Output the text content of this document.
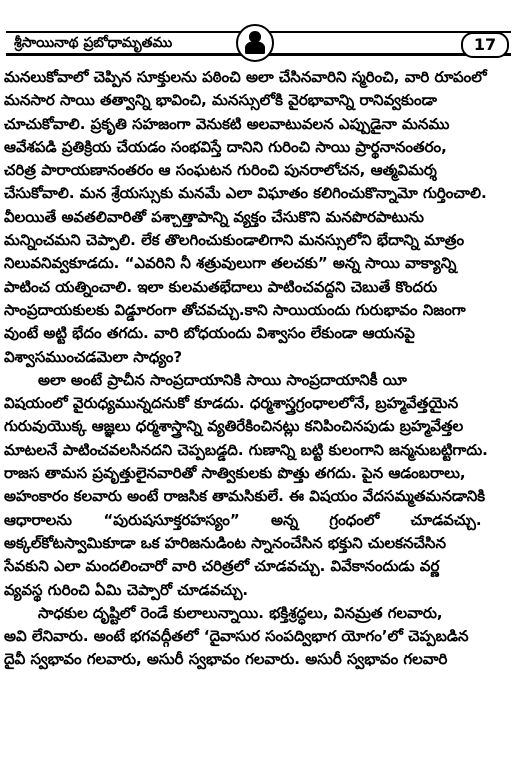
శ్రీసాయినాథ ప్రబోధామృతము	17
మనలుకోవాలో చెప్పిన సూక్తులను పఠించి అలా చేసినవారిని స్మరించి, వారి రూపంలో
మనసార సాయి తత్వాన్ని భావించి, మనస్సులోకి వైరభావాన్ని రానివ్వకుండా
చూచుకోవాలి. ప్రకృతి సహజంగా వెనుకటి అలవాటువలన ఎప్పుడైనా మనము
ఆవేశపడి ప్రతిక్రియ చేయడం సంభవిస్తే దానిని గురించి సాయి ప్రార్థనానంతరం,
చరిత్ర పారాయణానంతరం ఆ సంఘటన గురించి పునరాలోచన, ఆత్మవిమర్శ
చేసుకోవాలి. మన శ్రేయస్సుకు మనమే ఎలా విఘాతం కలిగించుకొన్నామో గుర్తించాలి.
వీలయితే అవతలివారితో పశ్చాత్తాపాన్ని వ్యక్తం చేసుకొని మనపొరపాటును
మన్నించమని చెప్పాలి. లేక తొలగించుకుండాలిగాని మనస్సులోని భేదాన్ని మాత్రం
నిలువనివ్వకూడదు. “ఎవరిని నీ శత్రువులుగా తలచకు” అన్న సాయి వాక్యాన్ని
పాటించ యత్నించాలి. ఇలా కులమతభేదాలు పాటించవద్దని చెబుతే కొందరు
సాంప్రదాయకులకు విడ్డూరంగా తోచవచ్చు.కాని సాయియందు గురుభావం నిజంగా
వుంటే అట్టి భేదం తగదు. వారి బోధయందు విశ్వాసం లేకుండా ఆయనపై
విశ్వాసముంచడమెలా సాధ్యం?
అలా అంటే ప్రాచీన సాంప్రదాయానికి సాయి సాంప్రదాయానికీ యీ
విషయంలో వైరుధ్యమున్నదనుకో కూడదు. ధర్మశాస్త్రగ్రంధాలలోనే, బ్రహ్మవేత్తయైన
గురువుయొక్క ఆజ్ఞలు ధర్మశాస్త్రాన్ని వ్యతిరేకించినట్లు కనిపించినపుడు బ్రహ్మవేత్తల
మాటలనే పాటించవలసినదని చెప్పబడ్డది. గుణాన్ని బట్టి కులంగాని జన్మనుబట్టిగాదు.
రాజస తామస ప్రవృత్తులైనవారితో సాత్వికులకు పొత్తు తగదు. పైన ఆడంబరాలు,
అహంకారం కలవారు అంటే రాజసిక తామసికులే. ఈ విషయం వేదసమ్మతమనడానికి
ఆధారాలను      “పురుషసూక్తరహస్యం”      అన్న      గ్రంధంలో      చూడవచ్చు.
అక్కల్‌కోటస్వామికూడా ఒక హరిజనుడింట స్నానంచేసిన భక్తుని చులకనచేసిన
సేవకుని ఎలా మందలించారో వారి చరిత్రలో చూడవచ్చు. వివేకానందుడు వర్ణ
వ్యవస్థ గురించి ఏమి చెప్పారో చూడవచ్చు.
సాధకుల దృష్టిలో రెండే కులాలున్నాయి. భక్తిశ్రద్ధలు, వినమ్రత గలవారు,
అవి లేనివారు. అంటే భగవద్గీతలో ‘దైవాసుర సంపద్విభాగ యోగం’లో చెప్పబడిన
దైవీ స్వభావం గలవారు, అసురీ స్వభావం గలవారు. అసురీ స్వభావం గలవారి
